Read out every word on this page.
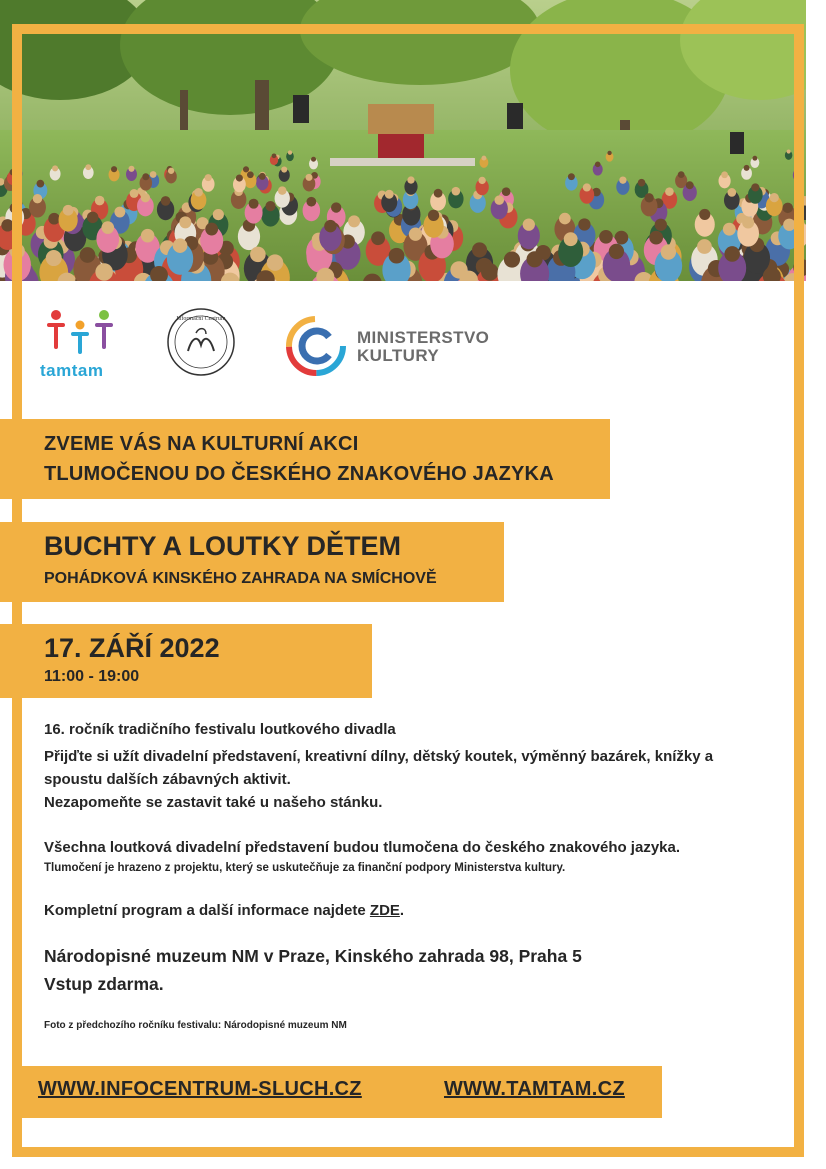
tamtam
Informační Centrum
MINISTERSTVO
KULTURY
ZVEME VÁS NA KULTURNÍ AKCI
TLUMOČENOU DO ČESKÉHO ZNAKOVÉHO JAZYKA
BUCHTY A LOUTKY DĚTEM
POHÁDKOVÁ KINSKÉHO ZAHRADA NA SMÍCHOVĚ
17. ZÁŘÍ 2022
11:00 - 19:00
16. ročník tradičního festivalu loutkového divadla
Přijďte si užít divadelní představení, kreativní dílny, dětský koutek, výměnný bazárek, knížky a
spoustu dalších zábavných aktivit.
Nezapomeňte se zastavit také u našeho stánku.
Všechna loutková divadelní představení budou tlumočena do českého znakového jazyka.
Tlumočení je hrazeno z projektu, který se uskutečňuje za finanční podpory Ministerstva kultury.
Kompletní program a další informace najdete ZDE.
Národopisné muzeum NM v Praze, Kinského zahrada 98, Praha 5
Vstup zdarma.
Foto z předchozího ročníku festivalu: Národopisné muzeum NM
WWW.INFOCENTRUM-SLUCH.CZ	WWW.TAMTAM.CZ
